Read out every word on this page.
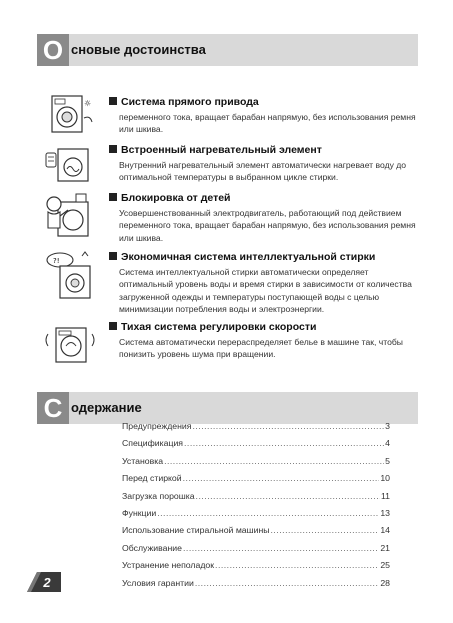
O сновые достоинства
☼
?!
Система прямого привода

переменного тока, вращает барабан напрямую, без использования ремня или шкива.

Встроенный нагревательный элемент

Внутренний нагревательный элемент автоматически нагревает воду до оптимальной температуры в выбранном цикле стирки.

Блокировка от детей

Усовершенствованный электродвигатель, работающий под действием переменного тока, вращает барабан напрямую, без использования ремня или шкива.

Экономичная система интеллектуальной стирки

Система интеллектуальной стирки автоматически определяет оптимальный уровень воды и время стирки в зависимости от количества загруженной одежды и температуры поступающей воды с целью минимизации потребления воды и электроэнергии.

Тихая система регулировки скорости

Система автоматически перераспределяет белье в машине так, чтобы понизить уровень шума при вращении.

С одержание
Предупреждения .....	3
Спецификация .....	4
Установка .....	5
Перед стиркой .....	10
Загрузка порошка .....	11
Функции .....	13
Использование стиральной машины .....	14
Обслуживание .....	21
Устранение неполадок .....	25
Условия гарантии .....	28
2
